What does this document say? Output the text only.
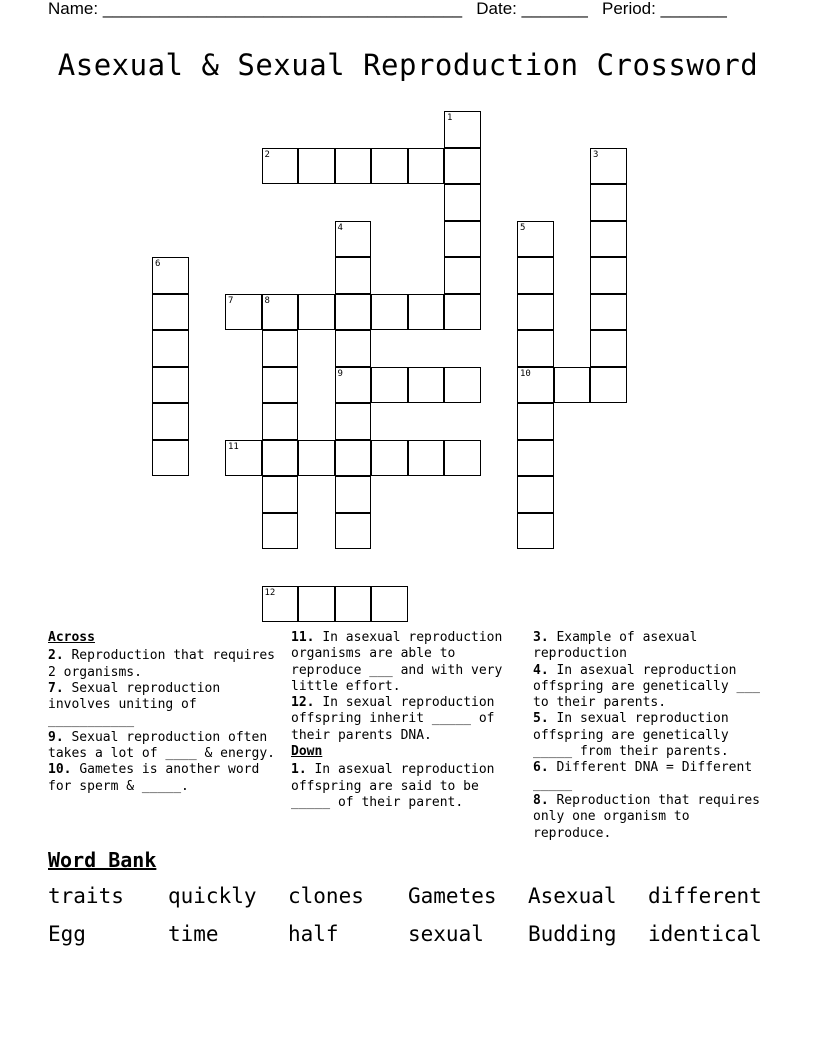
Name: ______________________________________ Date: _______ Period: _______
Asexual & Sexual Reproduction Crossword
2
7	8
9	10
11
12
1
3
4	5
6
Across
2. Reproduction that requires 2 organisms.
7. Sexual reproduction involves uniting of ___________
9. Sexual reproduction often takes a lot of ____ & energy.
10. Gametes is another word for sperm & _____.
11. In asexual reproduction organisms are able to reproduce ___ and with very little effort.
12. In sexual reproduction offspring inherit _____ of their parents DNA.
Down
1. In asexual reproduction offspring are said to be _____ of their parent.
3. Example of asexual reproduction
4. In asexual reproduction offspring are genetically ___ to their parents.
5. In sexual reproduction offspring are genetically _____ from their parents.
6. Different DNA = Different _____
8. Reproduction that requires only one organism to reproduce.
Word Bank
traits quickly clones Gametes Asexual different
Egg	time	half	sexual Budding identical
